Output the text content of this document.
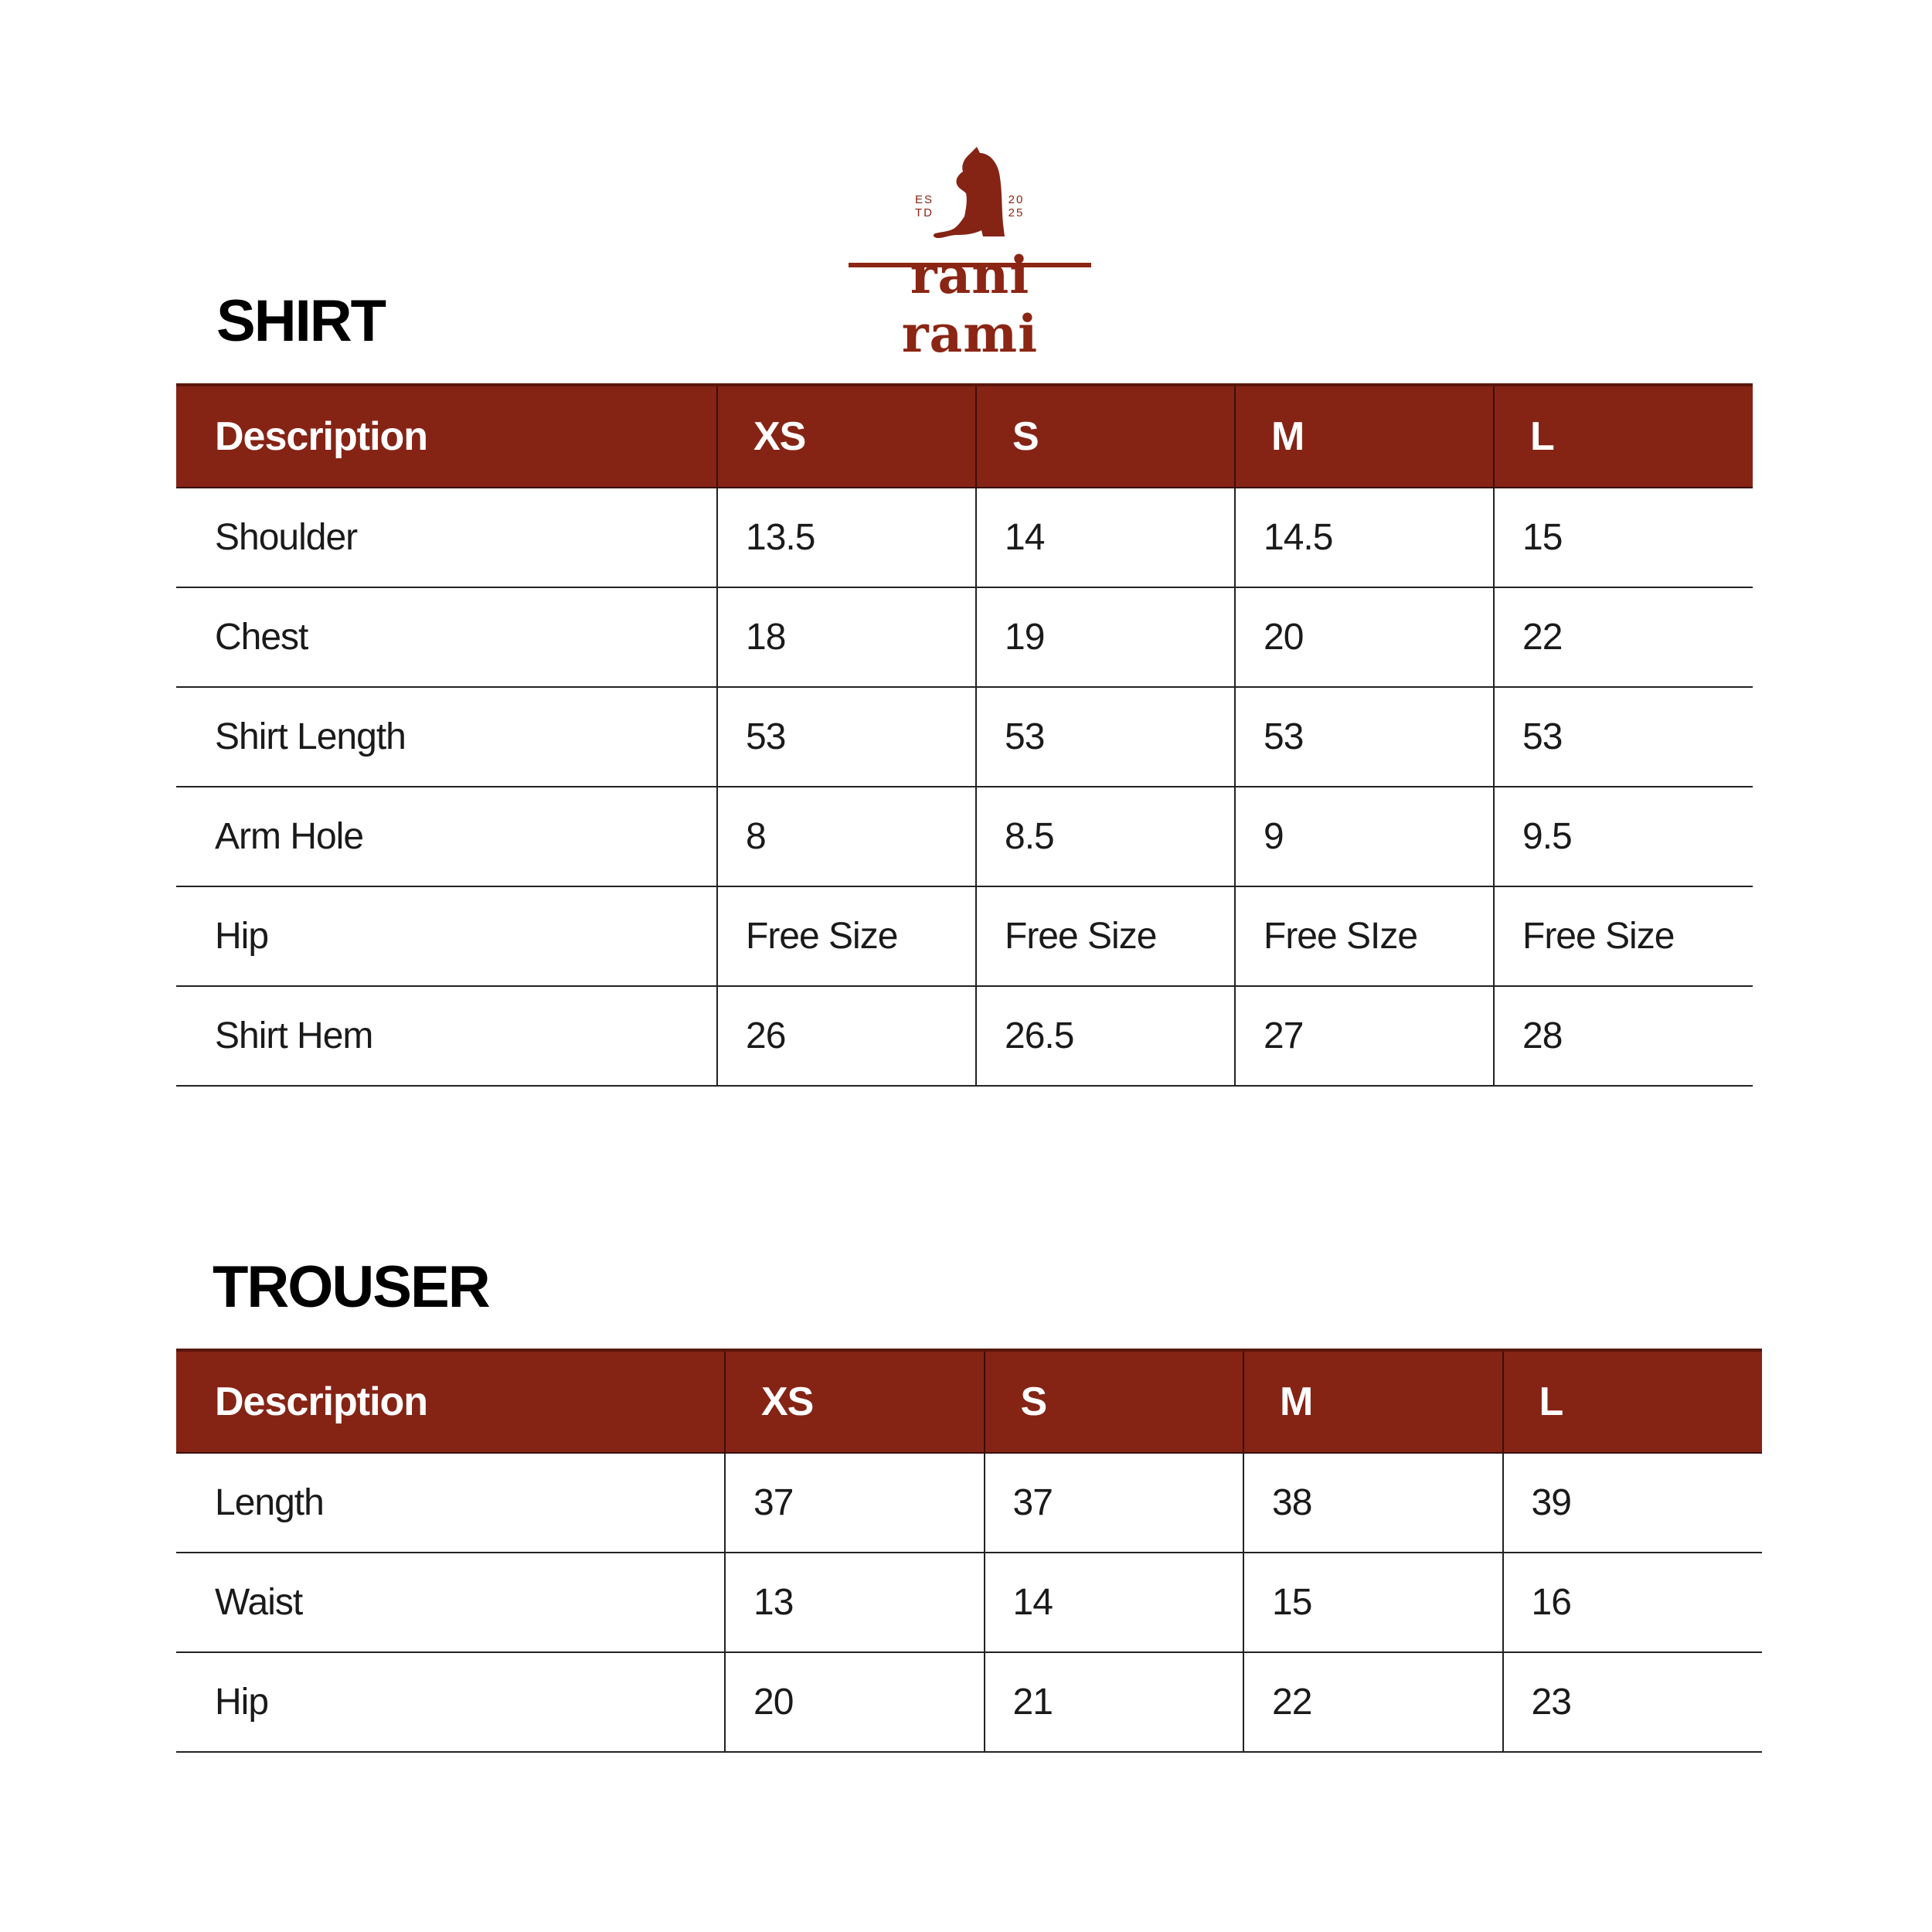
ES
TD
20
25
rani rami
SHIRT
Description	XS	S	M	L
Shoulder	13.5	14	14.5	15
Chest	18	19	20	22
Shirt Length	53	53	53	53
Arm Hole	8	8.5	9	9.5
Hip	Free Size	Free Size	Free SIze	Free Size
Shirt Hem	26	26.5	27	28
TROUSER
Description	XS	S	M	L
Length	37	37	38	39
Waist	13	14	15	16
Hip	20	21	22	23
